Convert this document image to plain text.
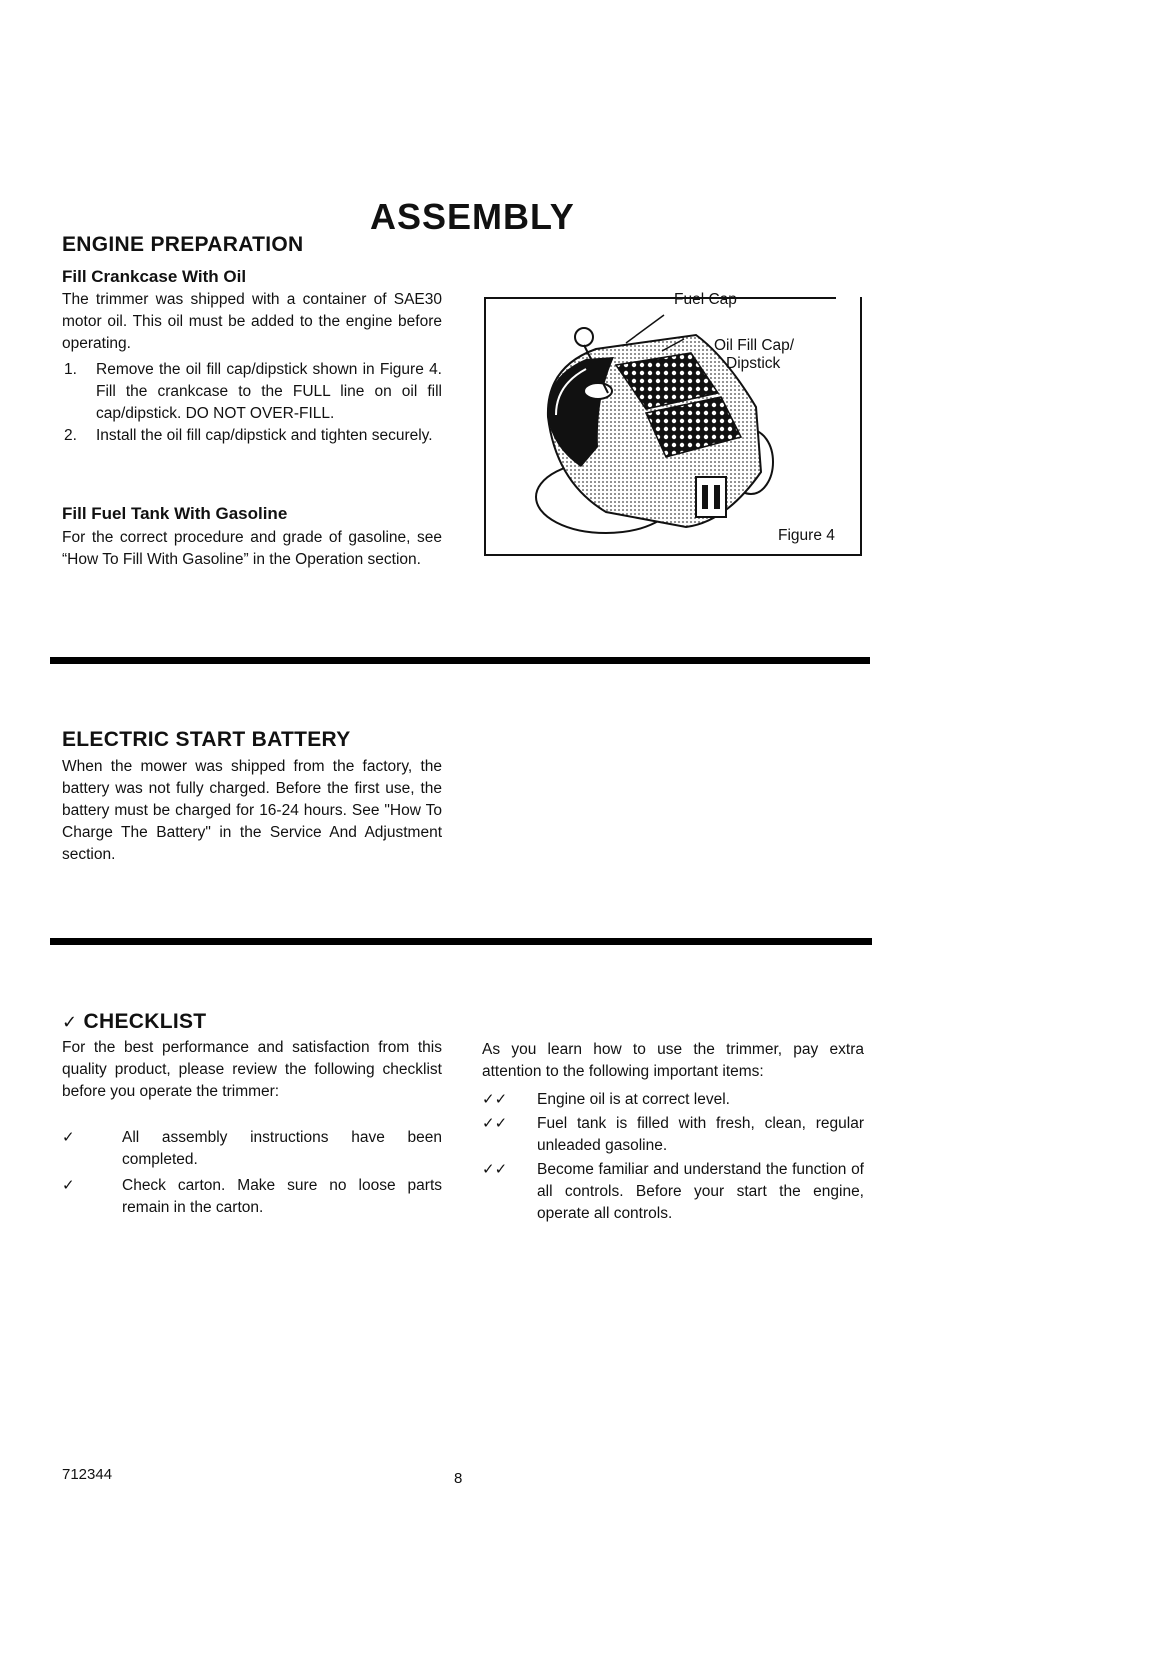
ASSEMBLY
ENGINE PREPARATION
Fill Crankcase With Oil
The trimmer was shipped with a container of SAE30 motor oil. This oil must be added to the engine before operating.
1. Remove the oil fill cap/dipstick shown in Figure 4. Fill the crankcase to the FULL line on oil fill cap/dipstick. DO NOT OVER-FILL.
2. Install the oil fill cap/dipstick and tighten securely.
Fill Fuel Tank With Gasoline
For the correct procedure and grade of gasoline, see “How To Fill With Gasoline” in the Operation section.
Fuel Cap
Oil Fill Cap/
Dipstick
Figure 4
ELECTRIC START BATTERY
When the mower was shipped from the factory, the battery was not fully charged. Before the first use, the battery must be charged for 16-24 hours. See "How To Charge The Battery" in the Service And Adjustment section.
✓ CHECKLIST
For the best performance and satisfaction from this quality product, please review the following checklist before you operate the trimmer:
✓	All assembly instructions have been completed.
✓	Check carton. Make sure no loose parts remain in the carton.
As you learn how to use the trimmer, pay extra attention to the following important items:
✓✓ Engine oil is at correct level.
✓✓ Fuel tank is filled with fresh, clean, regular unleaded gasoline.
✓✓ Become familiar and understand the function of all controls. Before your start the engine, operate all controls.
712344	8
